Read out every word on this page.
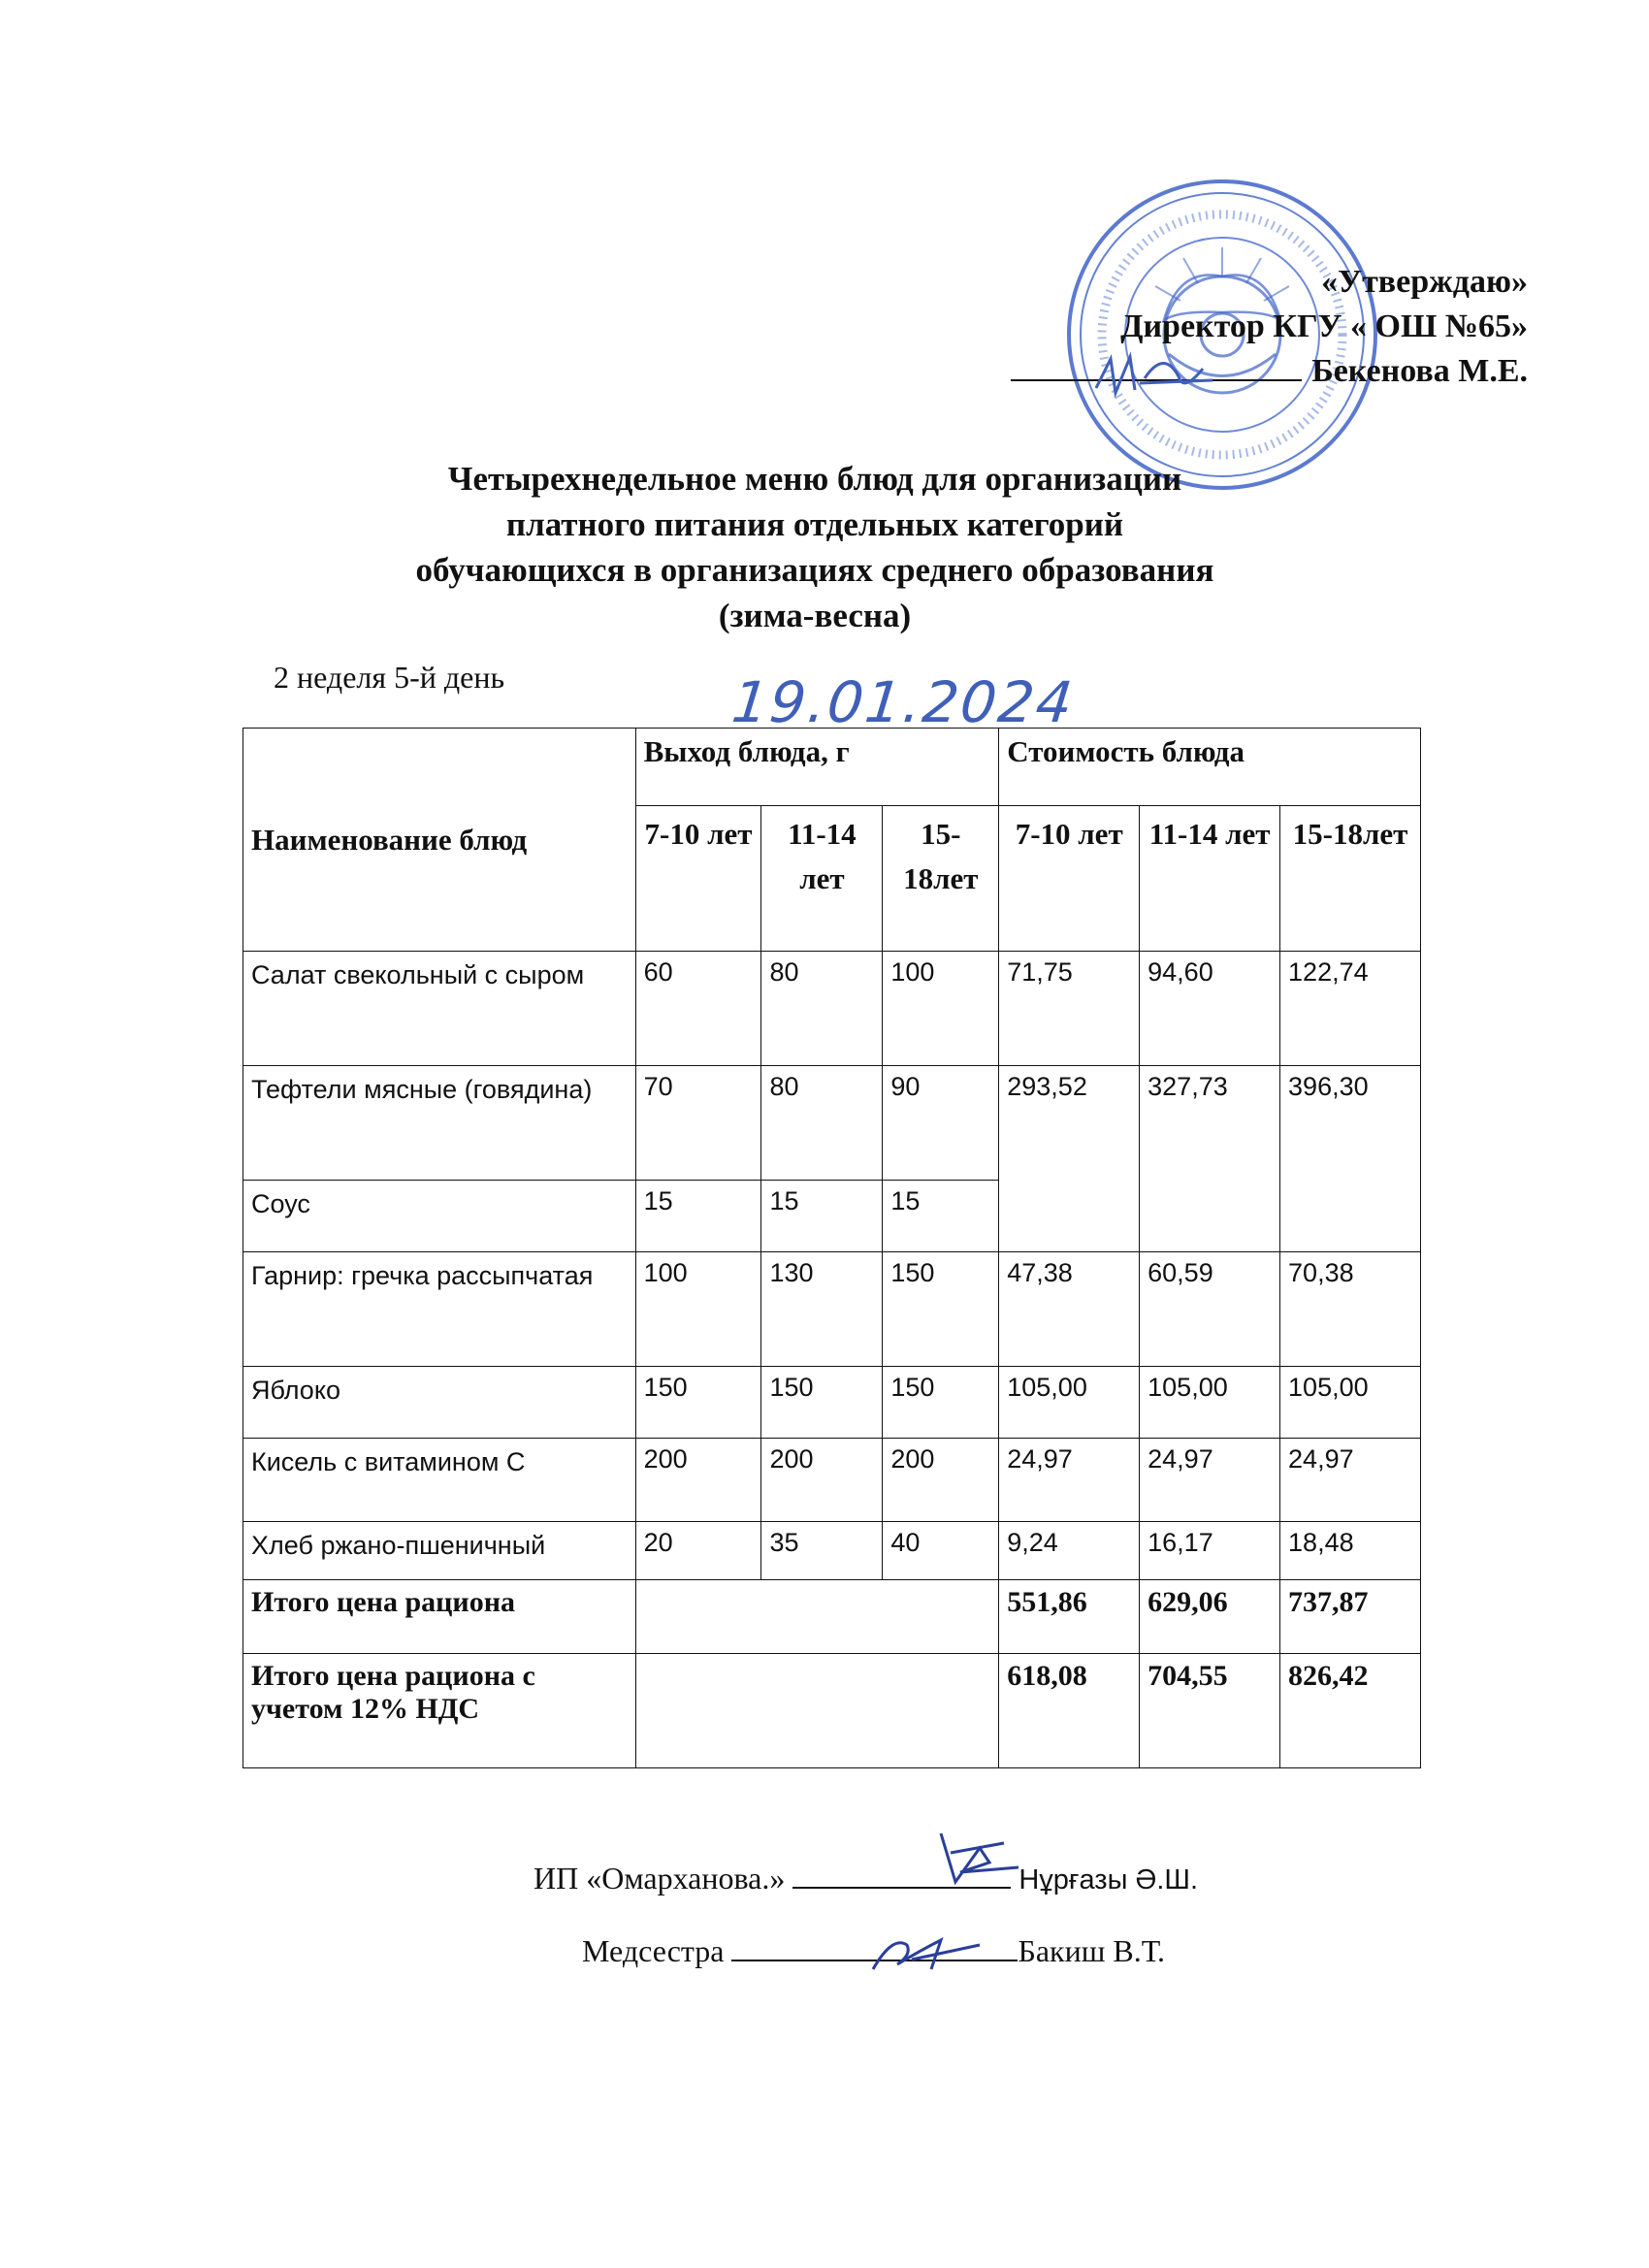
«Утверждаю»
Директор КГУ « ОШ №65»
Бекенова М.Е.
Четырехнедельное меню блюд для организации
платного питания отдельных категорий
обучающихся в организациях среднего образования
(зима-весна)
2 неделя 5-й день	19.01.2024
Наименование блюд	Выход блюда, г			Стоимость блюда		
	7-10 лет	11-14 лет	15-18лет	7-10 лет	11-14 лет	15-18лет
Салат свекольный с сыром	60	80	100	71,75	94,60	122,74
Тефтели мясные (говядина)	70	80	90	293,52	327,73	396,30
Соус	15	15	15			
Гарнир: гречка рассыпчатая	100	130	150	47,38	60,59	70,38
Яблоко	150	150	150	105,00	105,00	105,00
Кисель с витамином С	200	200	200	24,97	24,97	24,97
Хлеб ржано-пшеничный	20	35	40	9,24	16,17	18,48
Итого цена рациона				551,86	629,06	737,87
Итого цена рациона с учетом 12% НДС				618,08	704,55	826,42
ИП «Омарханова.»	Нұрғазы Ә.Ш.
Медсестра	Бакиш В.Т.
